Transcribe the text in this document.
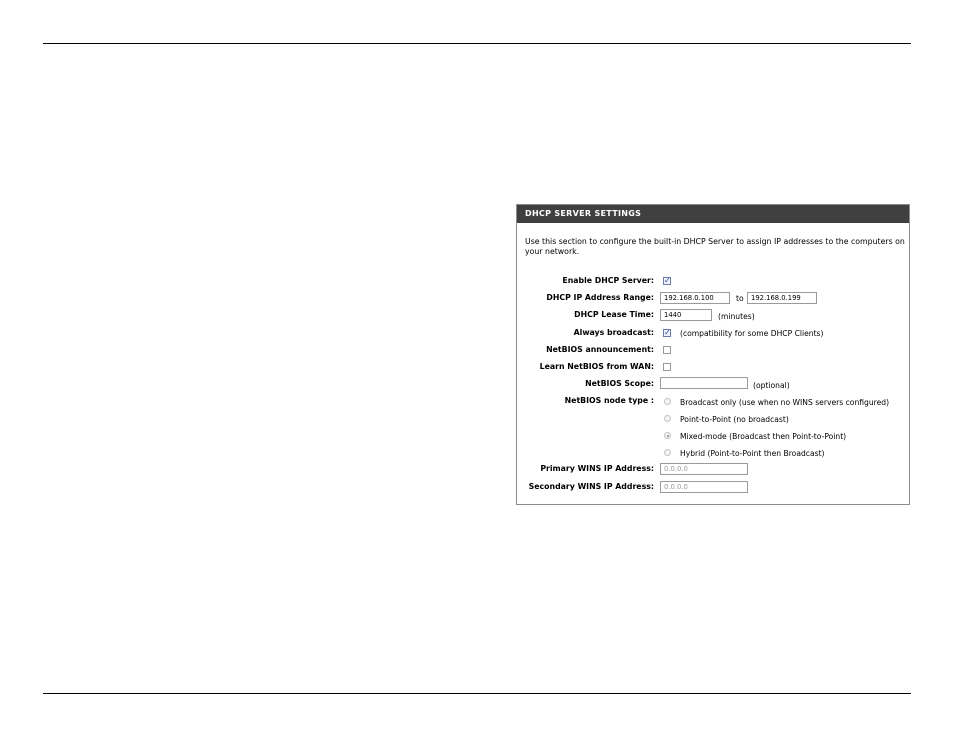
DHCP SERVER SETTINGS
Use this section to configure the built-in DHCP Server to assign IP addresses to the computers on your network.
Enable DHCP Server: ✓
DHCP IP Address Range:	192.168.0.100	to	192.168.0.199
DHCP Lease Time:	1440	(minutes)
Always broadcast: ✓ (compatibility for some DHCP Clients)
NetBIOS announcement:
Learn NetBIOS from WAN:
NetBIOS Scope:	(optional)
NetBIOS node type :	Broadcast only (use when no WINS servers configured)
Point-to-Point (no broadcast)
Mixed-mode (Broadcast then Point-to-Point)
Hybrid (Point-to-Point then Broadcast)
Primary WINS IP Address:	0.0.0.0
Secondary WINS IP Address:	0.0.0.0
